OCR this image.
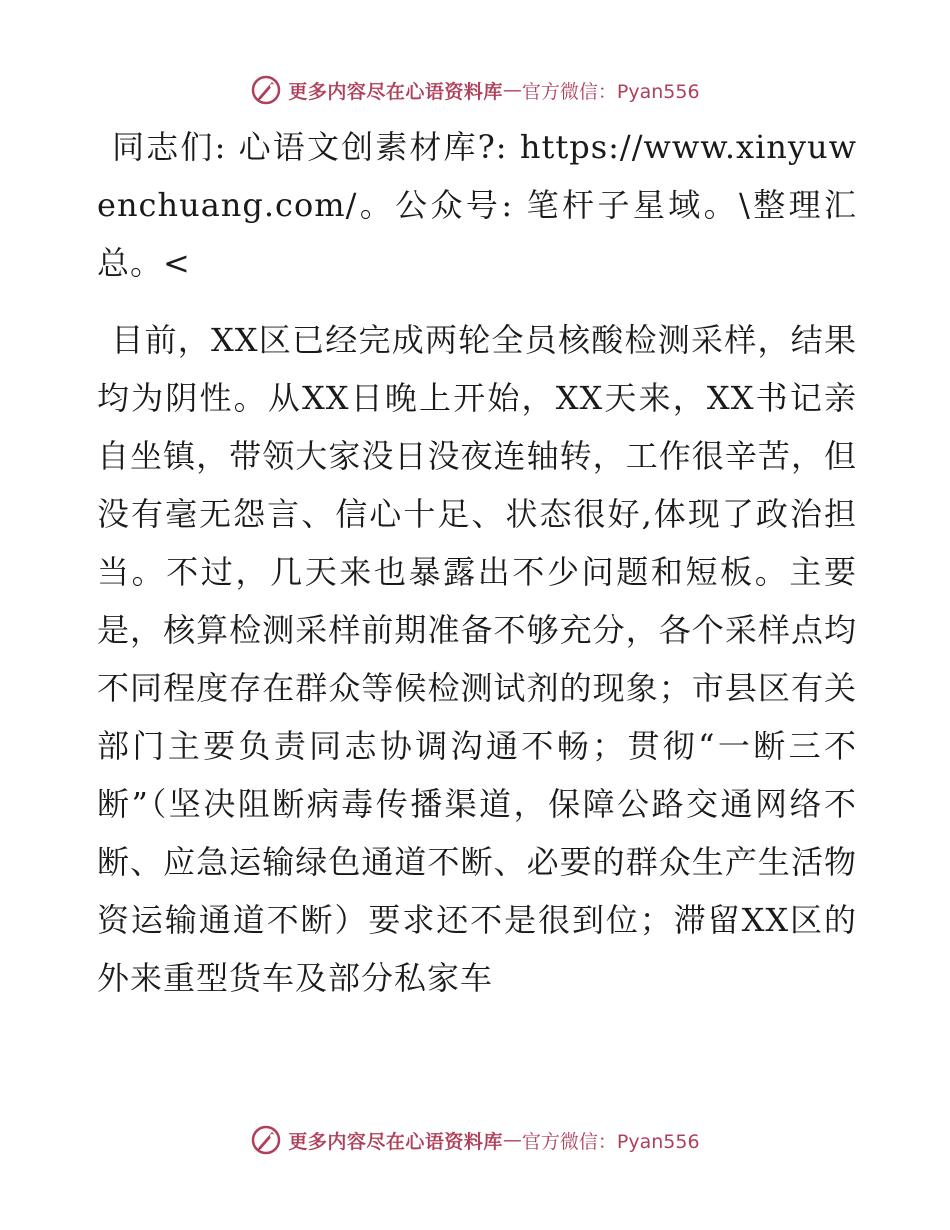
更多内容尽在心语资料库 — 官方微信：Pyan556

同志们: 心语文创素材库?: https://www.xinyuwenchuang.com/。公众号: 笔杆子星域。\整理汇总。<

目前，XX区已经完成两轮全员核酸检测采样，结果均为阴性。从XX日晚上开始，XX天来，XX书记亲自坐镇，带领大家没日没夜连轴转，工作很辛苦，但没有毫无怨言、信心十足、状态很好,体现了政治担当。不过，几天来也暴露出不少问题和短板。主要是，核算检测采样前期准备不够充分，各个采样点均不同程度存在群众等候检测试剂的现象；市县区有关部门主要负责同志协调沟通不畅；贯彻“一断三不断”（坚决阻断病毒传播渠道，保障公路交通网络不断、应急运输绿色通道不断、必要的群众生产生活物资运输通道不断）要求还不是很到位；滞留XX区的外来重型货车及部分私家车

更多内容尽在心语资料库 — 官方微信：Pyan556
